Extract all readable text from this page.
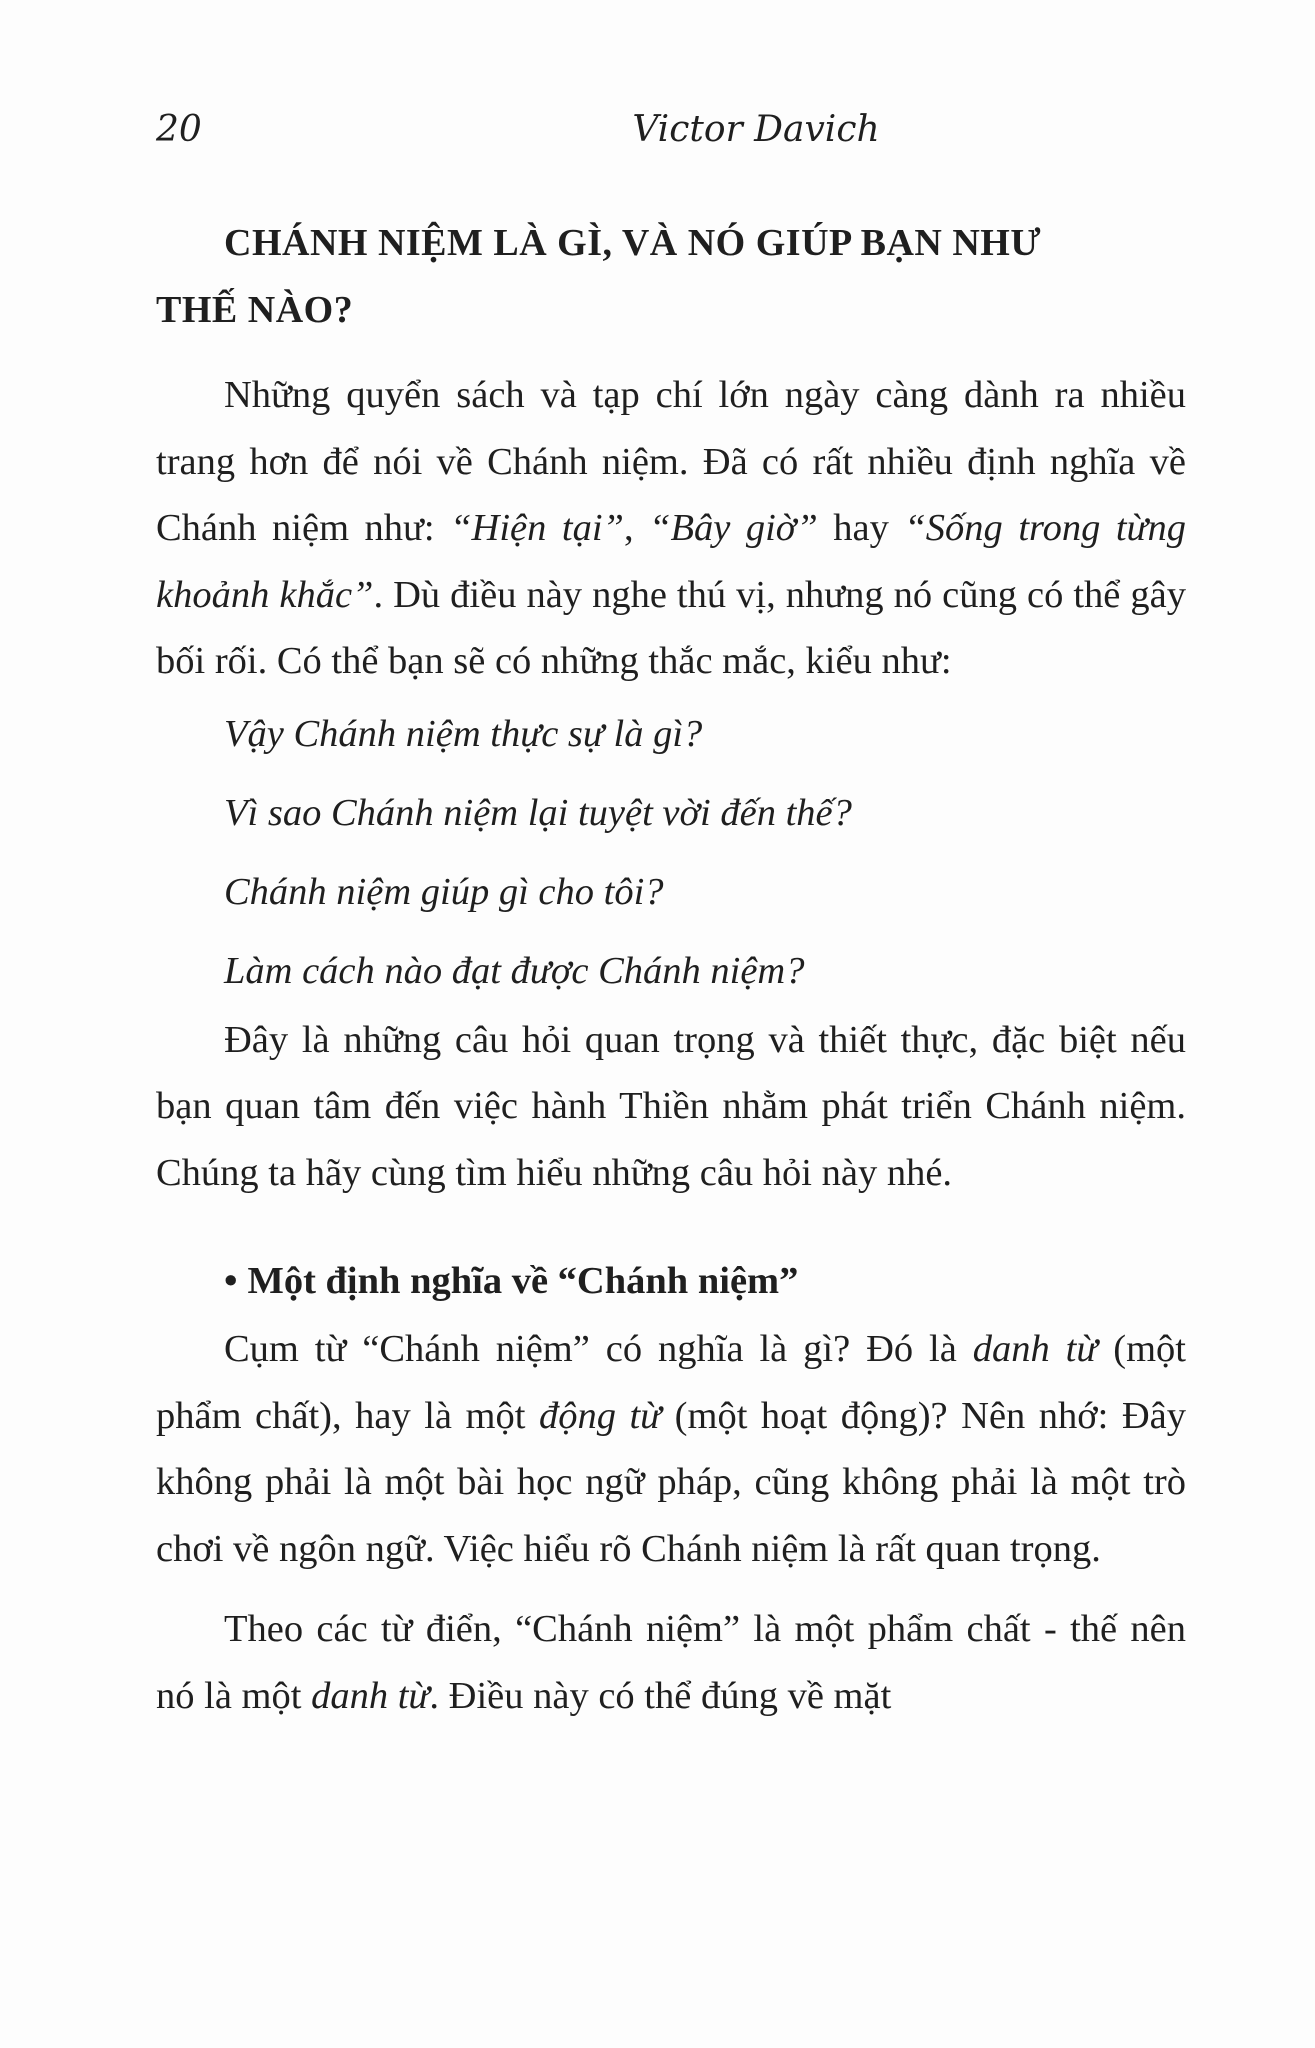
20	Victor Davich
CHÁNH NIỆM LÀ GÌ, VÀ NÓ GIÚP BẠN NHƯ
THẾ NÀO?

Những quyển sách và tạp chí lớn ngày càng dành ra nhiều trang hơn để nói về Chánh niệm. Đã có rất nhiều định nghĩa về Chánh niệm như: “Hiện tại”, “Bây giờ” hay “Sống trong từng khoảnh khắc”. Dù điều này nghe thú vị, nhưng nó cũng có thể gây bối rối. Có thể bạn sẽ có những thắc mắc, kiểu như:

Vậy Chánh niệm thực sự là gì?
Vì sao Chánh niệm lại tuyệt vời đến thế?
Chánh niệm giúp gì cho tôi?
Làm cách nào đạt được Chánh niệm?

Đây là những câu hỏi quan trọng và thiết thực, đặc biệt nếu bạn quan tâm đến việc hành Thiền nhằm phát triển Chánh niệm. Chúng ta hãy cùng tìm hiểu những câu hỏi này nhé.

• Một định nghĩa về “Chánh niệm”

Cụm từ “Chánh niệm” có nghĩa là gì? Đó là danh từ (một phẩm chất), hay là một động từ (một hoạt động)? Nên nhớ: Đây không phải là một bài học ngữ pháp, cũng không phải là một trò chơi về ngôn ngữ. Việc hiểu rõ Chánh niệm là rất quan trọng.

Theo các từ điển, “Chánh niệm” là một phẩm chất - thế nên nó là một danh từ. Điều này có thể đúng về mặt
